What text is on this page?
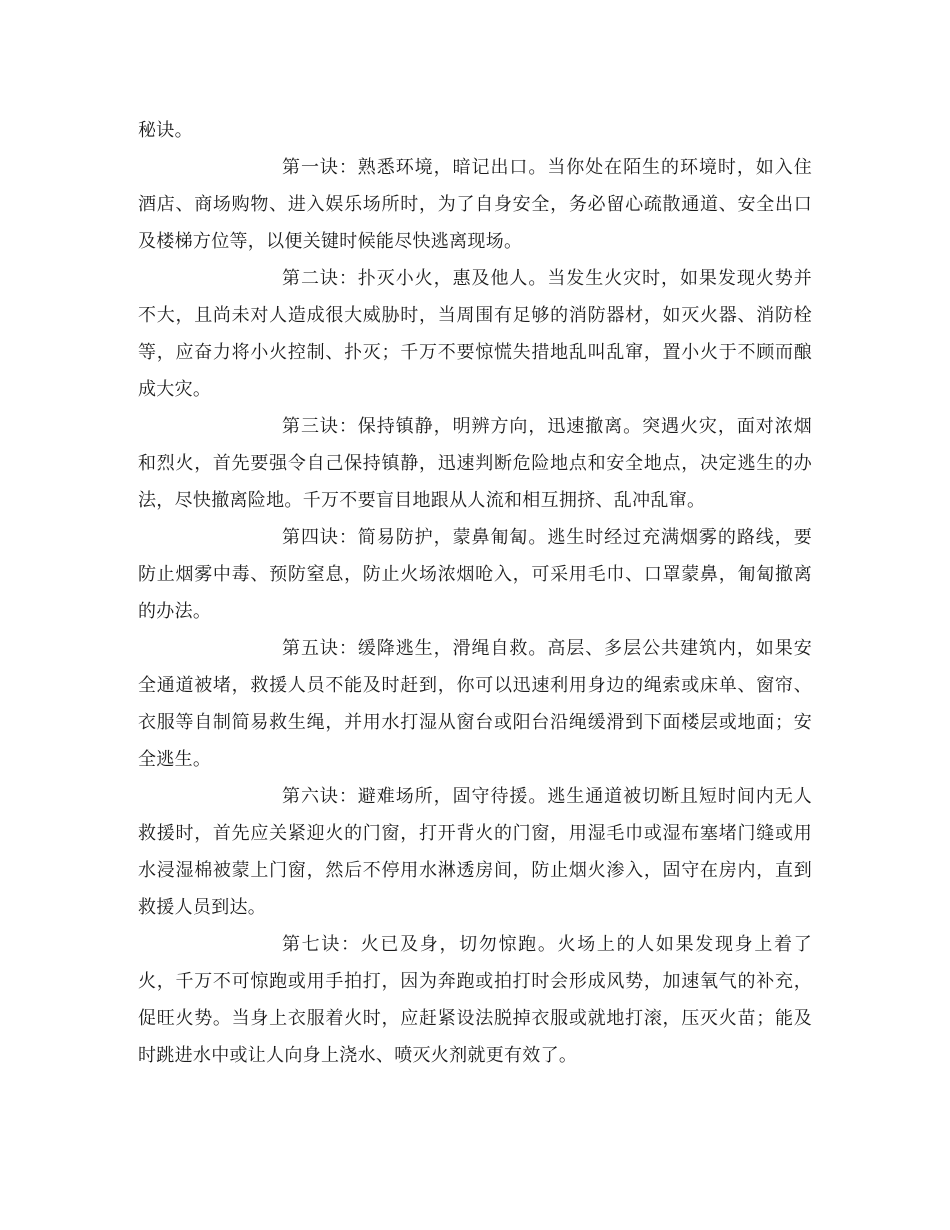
秘诀。

第一诀：熟悉环境，暗记出口。当你处在陌生的环境时，如入住酒店、商场购物、进入娱乐场所时，为了自身安全，务必留心疏散通道、安全出口及楼梯方位等，以便关键时候能尽快逃离现场。

第二诀：扑灭小火，惠及他人。当发生火灾时，如果发现火势并不大，且尚未对人造成很大威胁时，当周围有足够的消防器材，如灭火器、消防栓等，应奋力将小火控制、扑灭；千万不要惊慌失措地乱叫乱窜，置小火于不顾而酿成大灾。

第三诀：保持镇静，明辨方向，迅速撤离。突遇火灾，面对浓烟和烈火，首先要强令自己保持镇静，迅速判断危险地点和安全地点，决定逃生的办法，尽快撤离险地。千万不要盲目地跟从人流和相互拥挤、乱冲乱窜。

第四诀：简易防护，蒙鼻匍匐。逃生时经过充满烟雾的路线，要防止烟雾中毒、预防窒息，防止火场浓烟呛入，可采用毛巾、口罩蒙鼻，匍匐撤离的办法。

第五诀：缓降逃生，滑绳自救。高层、多层公共建筑内，如果安全通道被堵，救援人员不能及时赶到，你可以迅速利用身边的绳索或床单、窗帘、衣服等自制简易救生绳，并用水打湿从窗台或阳台沿绳缓滑到下面楼层或地面；安全逃生。

第六诀：避难场所，固守待援。逃生通道被切断且短时间内无人救援时，首先应关紧迎火的门窗，打开背火的门窗，用湿毛巾或湿布塞堵门缝或用水浸湿棉被蒙上门窗，然后不停用水淋透房间，防止烟火渗入，固守在房内，直到救援人员到达。

第七诀：火已及身，切勿惊跑。火场上的人如果发现身上着了火，千万不可惊跑或用手拍打，因为奔跑或拍打时会形成风势，加速氧气的补充，促旺火势。当身上衣服着火时，应赶紧设法脱掉衣服或就地打滚，压灭火苗；能及时跳进水中或让人向身上浇水、喷灭火剂就更有效了。
